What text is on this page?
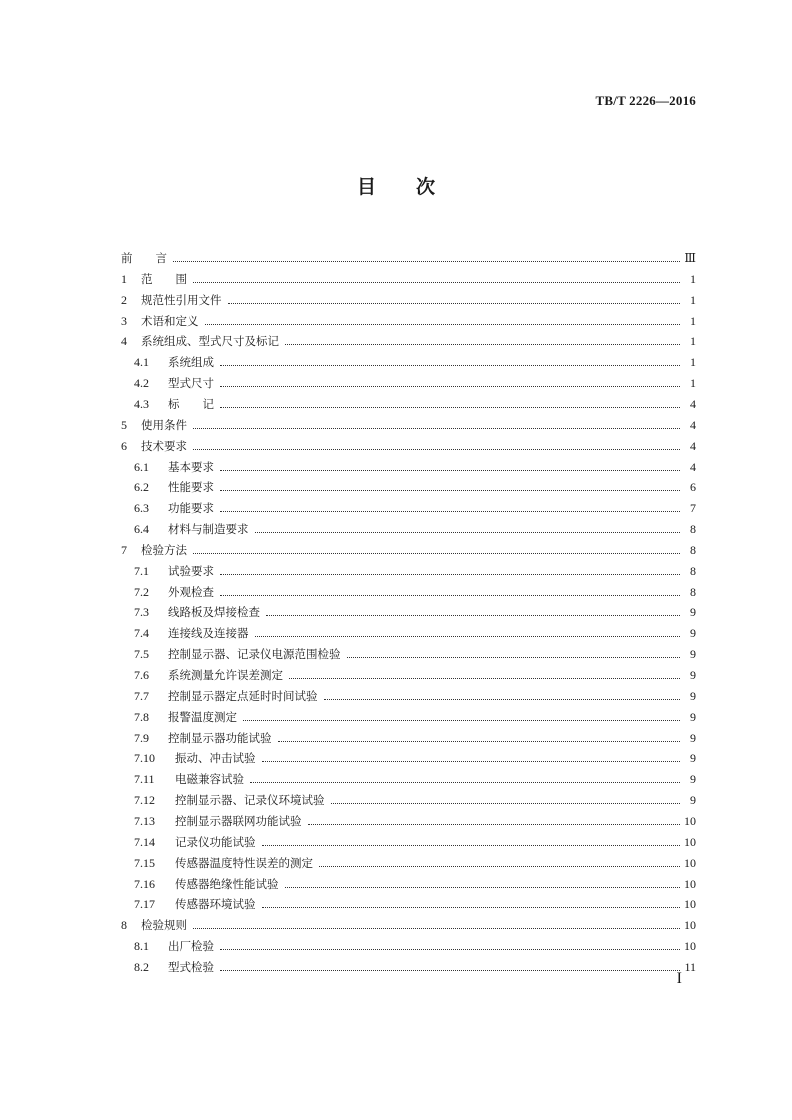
TB/T 2226—2016
目 次
前　　言	Ⅲ
1 范　　围	1
2 规范性引用文件	1
3 术语和定义	1
4 系统组成、型式尺寸及标记	1
4.1 系统组成	1
4.2 型式尺寸	1
4.3 标　　记	4
5 使用条件	4
6 技术要求	4
6.1 基本要求	4
6.2 性能要求	6
6.3 功能要求	7
6.4 材料与制造要求	8
7 检验方法	8
7.1 试验要求	8
7.2 外观检查	8
7.3 线路板及焊接检查	9
7.4 连接线及连接器	9
7.5 控制显示器、记录仪电源范围检验	9
7.6 系统测量允许误差测定	9
7.7 控制显示器定点延时时间试验	9
7.8 报警温度测定	9
7.9 控制显示器功能试验	9
7.10 振动、冲击试验	9
7.11 电磁兼容试验	9
7.12 控制显示器、记录仪环境试验	9
7.13 控制显示器联网功能试验	10
7.14 记录仪功能试验	10
7.15 传感器温度特性误差的测定	10
7.16 传感器绝缘性能试验	10
7.17 传感器环境试验	10
8 检验规则	10
8.1 出厂检验	10
8.2 型式检验	11
I
